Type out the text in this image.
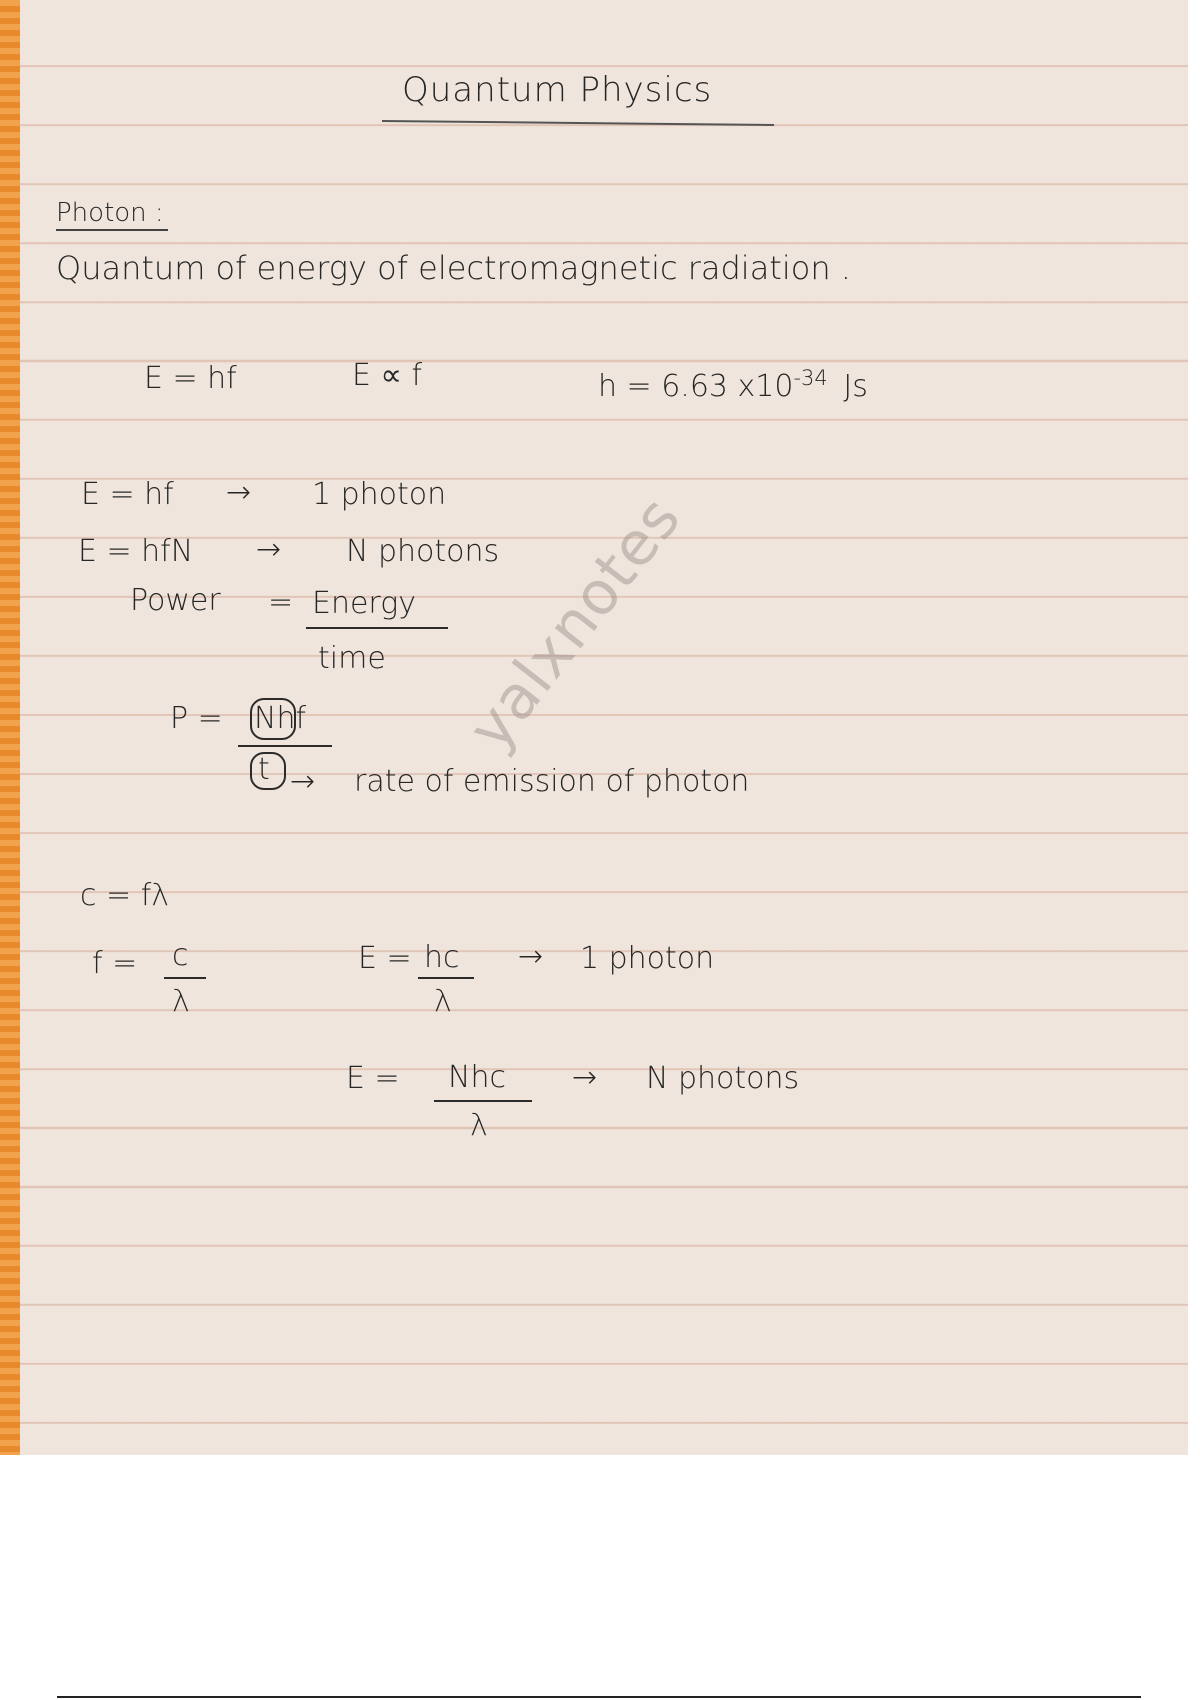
Quantum Physics
Photon :
Quantum of energy of electromagnetic radiation .
E = hf	E ∝ f	h = 6.63 $x10^{-34}$ Js
E = hf → 1 photon
E = hfN → N photons
Power = Energy
time
P = Nhf
t → rate of emission of photon
c = fλ
f = c
λ
E = hc
λ
→ 1 photon
E = Nhc
λ
→ N photons
yalxnotes
